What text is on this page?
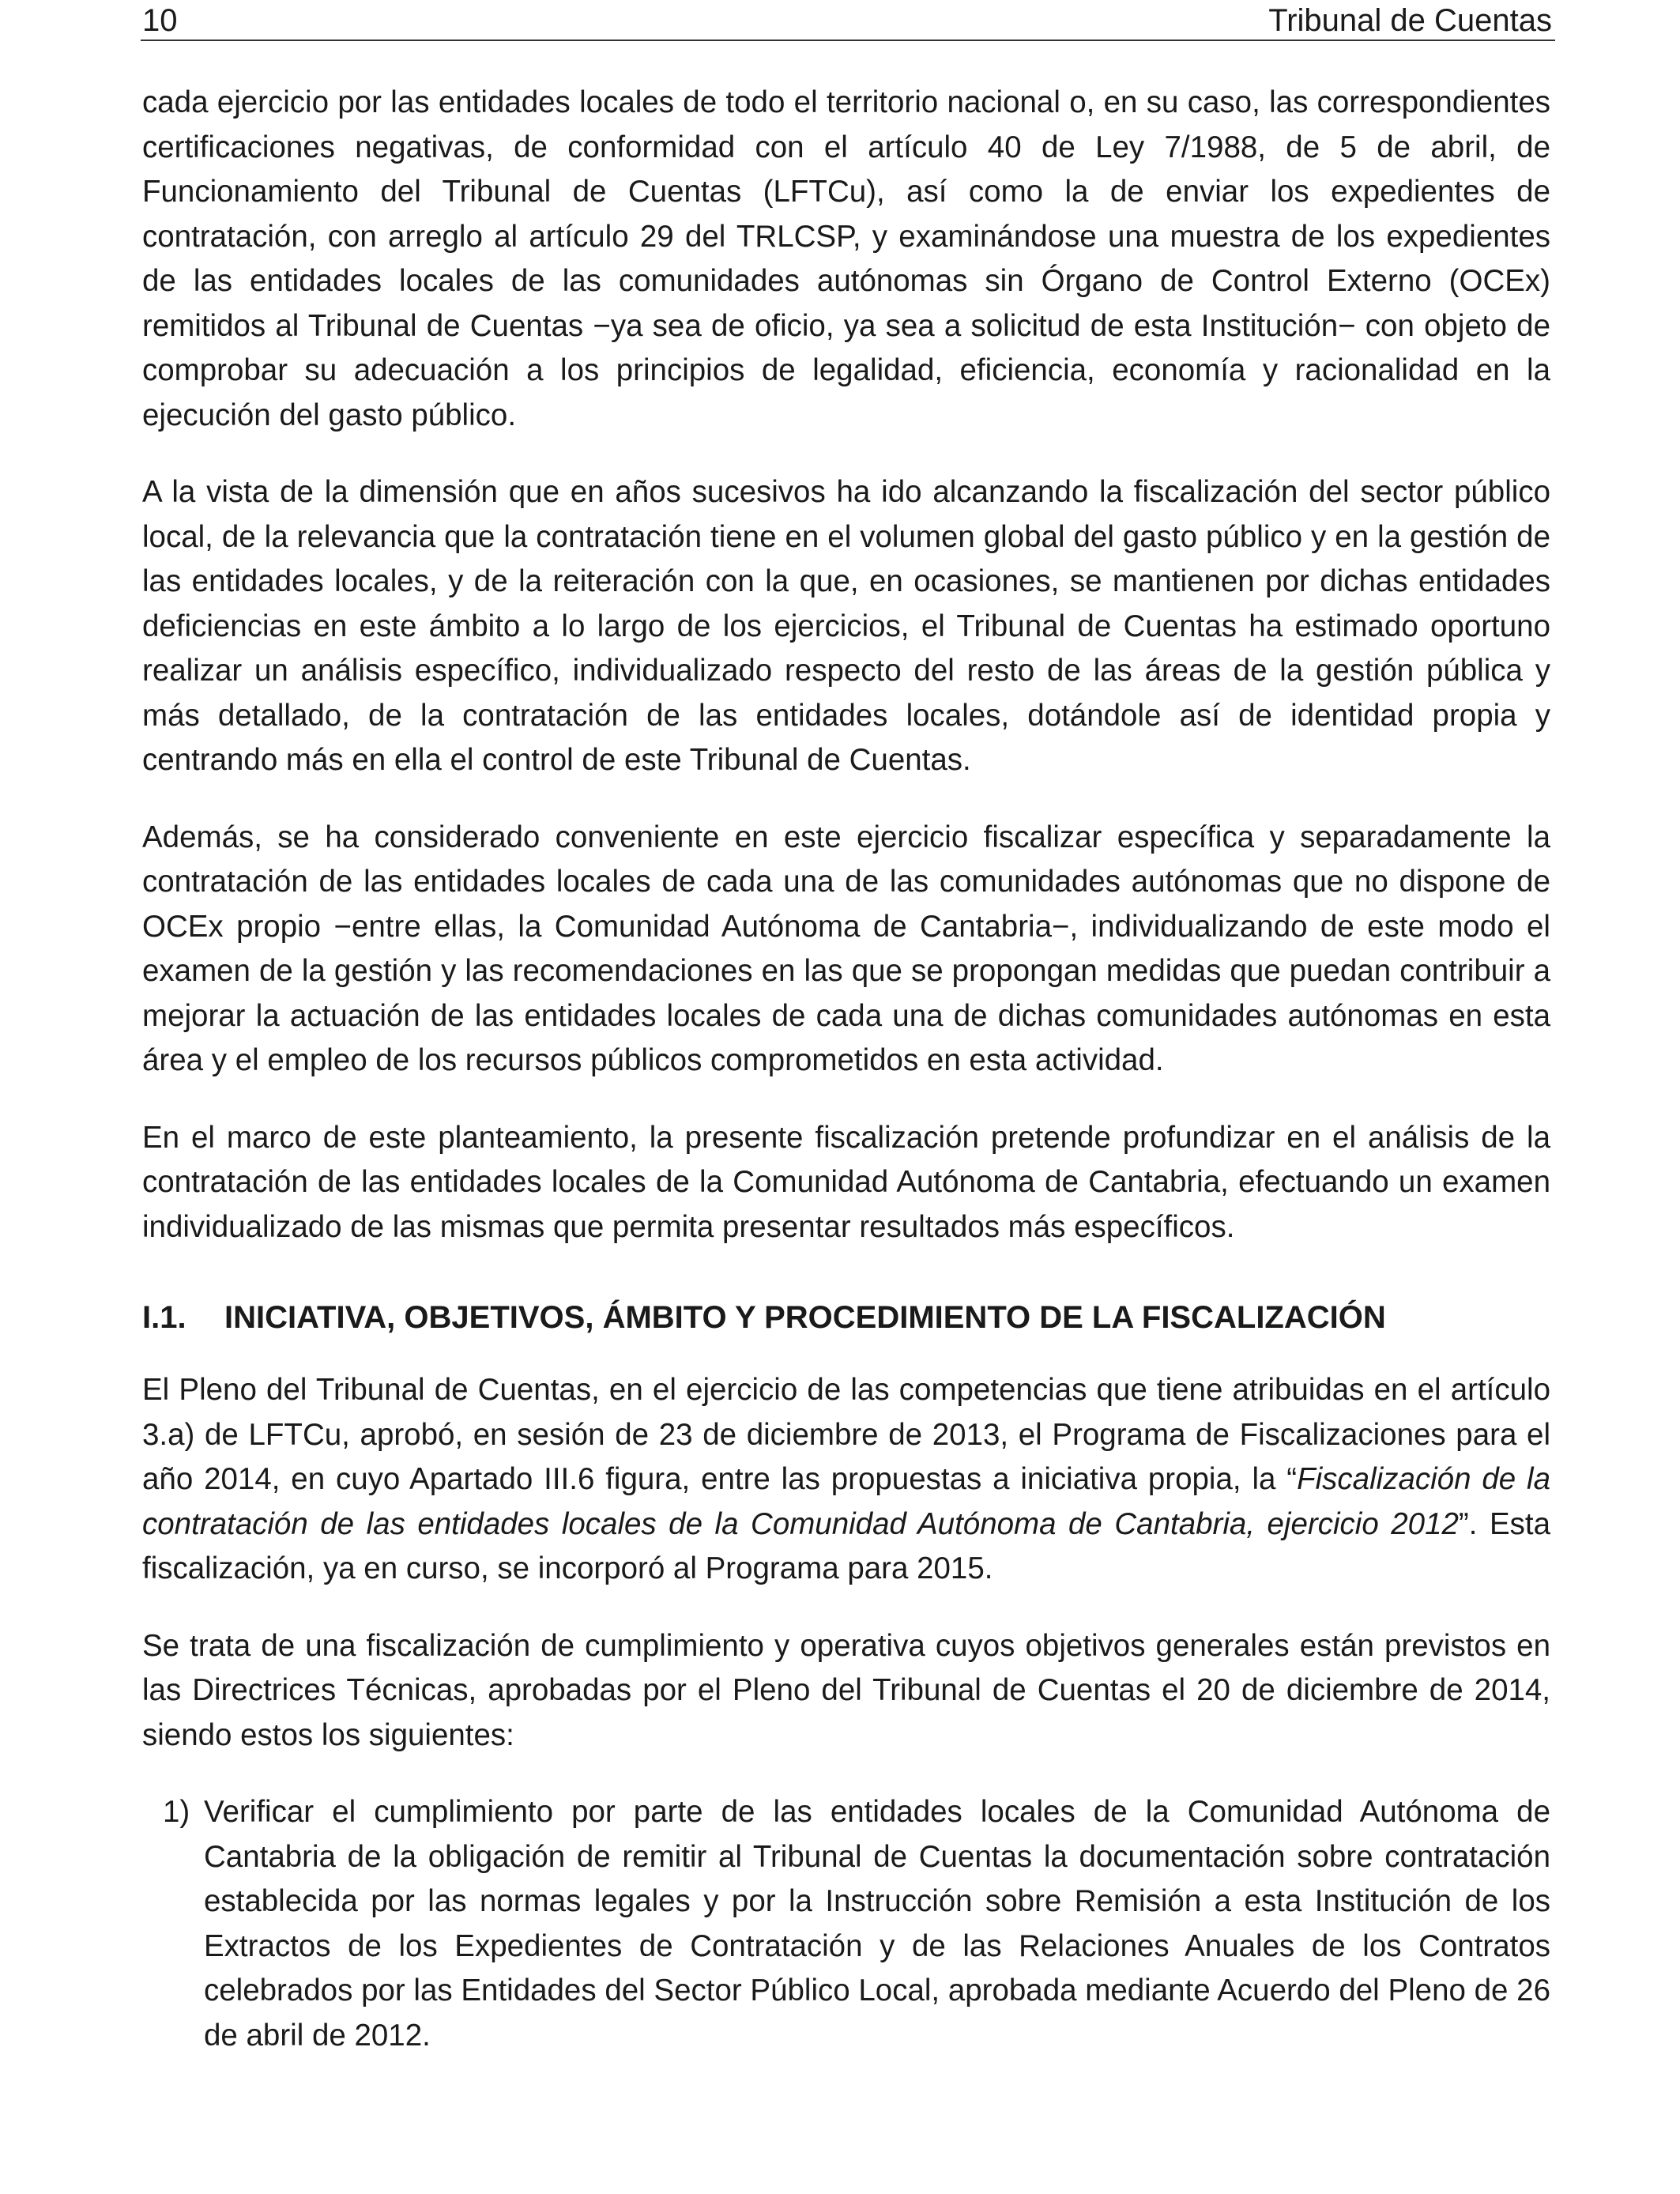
10	Tribunal de Cuentas

cada ejercicio por las entidades locales de todo el territorio nacional o, en su caso, las correspondientes certificaciones negativas, de conformidad con el artículo 40 de Ley 7/1988, de 5 de abril, de Funcionamiento del Tribunal de Cuentas (LFTCu), así como la de enviar los expedientes de contratación, con arreglo al artículo 29 del TRLCSP, y examinándose una muestra de los expedientes de las entidades locales de las comunidades autónomas sin Órgano de Control Externo (OCEx) remitidos al Tribunal de Cuentas −ya sea de oficio, ya sea a solicitud de esta Institución− con objeto de comprobar su adecuación a los principios de legalidad, eficiencia, economía y racionalidad en la ejecución del gasto público.

A la vista de la dimensión que en años sucesivos ha ido alcanzando la fiscalización del sector público local, de la relevancia que la contratación tiene en el volumen global del gasto público y en la gestión de las entidades locales, y de la reiteración con la que, en ocasiones, se mantienen por dichas entidades deficiencias en este ámbito a lo largo de los ejercicios, el Tribunal de Cuentas ha estimado oportuno realizar un análisis específico, individualizado respecto del resto de las áreas de la gestión pública y más detallado, de la contratación de las entidades locales, dotándole así de identidad propia y centrando más en ella el control de este Tribunal de Cuentas.

Además, se ha considerado conveniente en este ejercicio fiscalizar específica y separadamente la contratación de las entidades locales de cada una de las comunidades autónomas que no dispone de OCEx propio −entre ellas, la Comunidad Autónoma de Cantabria−, individualizando de este modo el examen de la gestión y las recomendaciones en las que se propongan medidas que puedan contribuir a mejorar la actuación de las entidades locales de cada una de dichas comunidades autónomas en esta área y el empleo de los recursos públicos comprometidos en esta actividad.

En el marco de este planteamiento, la presente fiscalización pretende profundizar en el análisis de la contratación de las entidades locales de la Comunidad Autónoma de Cantabria, efectuando un examen individualizado de las mismas que permita presentar resultados más específicos.

I.1. INICIATIVA, OBJETIVOS, ÁMBITO Y PROCEDIMIENTO DE LA FISCALIZACIÓN

El Pleno del Tribunal de Cuentas, en el ejercicio de las competencias que tiene atribuidas en el artículo 3.a) de LFTCu, aprobó, en sesión de 23 de diciembre de 2013, el Programa de Fiscalizaciones para el año 2014, en cuyo Apartado III.6 figura, entre las propuestas a iniciativa propia, la “Fiscalización de la contratación de las entidades locales de la Comunidad Autónoma de Cantabria, ejercicio 2012”. Esta fiscalización, ya en curso, se incorporó al Programa para 2015.

Se trata de una fiscalización de cumplimiento y operativa cuyos objetivos generales están previstos en las Directrices Técnicas, aprobadas por el Pleno del Tribunal de Cuentas el 20 de diciembre de 2014, siendo estos los siguientes:

1) Verificar el cumplimiento por parte de las entidades locales de la Comunidad Autónoma de Cantabria de la obligación de remitir al Tribunal de Cuentas la documentación sobre contratación establecida por las normas legales y por la Instrucción sobre Remisión a esta Institución de los Extractos de los Expedientes de Contratación y de las Relaciones Anuales de los Contratos celebrados por las Entidades del Sector Público Local, aprobada mediante Acuerdo del Pleno de 26 de abril de 2012.
